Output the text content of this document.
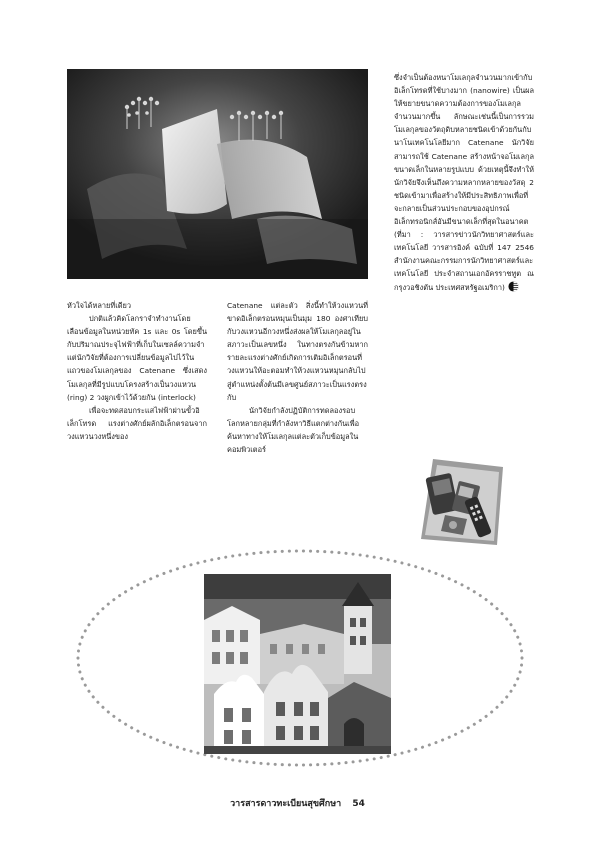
หัวใจได้หลายที่เดียว

ปกติแล้วคิดโลกราจำทำงานโดยเลือนข้อมูลในหน่วยทัค 1s และ 0s โดยขึ้นกับปริมาณประจุไฟฟ้าที่เก็บในเซลล์ความจำ แต่นักวิจัยที่ต้องการเปลี่ยนข้อมูลไปไว้ในแถวของโมเลกุลของ Catenane ซึ่งเสดงโมเลกุลที่มีรูปแบบโครงสร้างเป็นวงแหวน (ring) 2 วงผูกเข้าไว้ด้วยกัน (interlock)

เพื่อจะทดสอบกระแสไฟฟ้าผ่านขั้วอิเล็กโทรด แรงต่างศักย์ผลักอิเล็กตรอนจากวงแหวนวงหนึ่งของ

Catenane แต่ละตัว สิ่งนี้ทำให้วงแหวนที่ขาดอิเล็กตรอนหมุนเป็นมุม 180 องศาเทียบกับวงแหวนอีกวงหนึ่งส่งผลให้โมเลกุลอยู่ในสภาวะเป็นเลขหนึ่ง ในทางตรงกันข้ามหากรายละแรงต่างศักย์เกิดการเติมอิเล็กตรอนที่วงแหวนให้อะตอมทำให้วงแหวนหมุนกลับไปสู่ตำแหน่งตั้งต้นมีเลขศูนย์สภาวะเป็นแรงตรงกับ

นักวิจัยกำลังปฏิบัติการทดลองรอบโลกหลายกลุ่มที่กำลังหาวิธีแตกต่างกันเพื่อค้นหาทางให้โมเลกุลแต่ละตัวเก็บข้อมูลในคอมพิวเตอร์

ซึ่งจำเป็นต้องหนาโมเลกุลจำนวนมากเข้ากับอิเล็กโทรดที่ใช้บางมาก (nanowire) เป็นผลให้ขยายขนาดความต้องการของโมเลกุลจำนวนมากขึ้น ลักษณะเช่นนี้เป็นการรวมโมเลกุลของวัตถุดิบหลายชนิดเข้าด้วยกันกับนาโนเทคโนโลยีมาก Catenane นักวิจัยสามารถใช้ Catenane สร้างหน้าจอโมเลกุลขนาดเล็กในหลายรูปแบบ ด้วยเหตุนี้จึงทำให้นักวิจัยจึงเห็นถึงความหลากหลายของวัสดุ 2 ชนิดเข้ามาเพื่อสร้างให้มีประสิทธิภาพเพื่อที่จะกลายเป็นส่วนประกอบของอุปกรณ์อิเล็กทรอนิกส์อันมีขนาดเล็กที่สุดในอนาคต

(ที่มา : วารสารข่าวนักวิทยาศาสตร์และเทคโนโลยี วารสารอิงค์ ฉบับที่ 147 2546 สำนักงานคณะกรรมการนักวิทยาศาสตร์และเทคโนโลยี ประจำสถานเอกอัครราชทูต ณ กรุงวอชิงตัน ประเทศสหรัฐอเมริกา)

วารสารดาวทะเบียนสุขศึกษา 54
